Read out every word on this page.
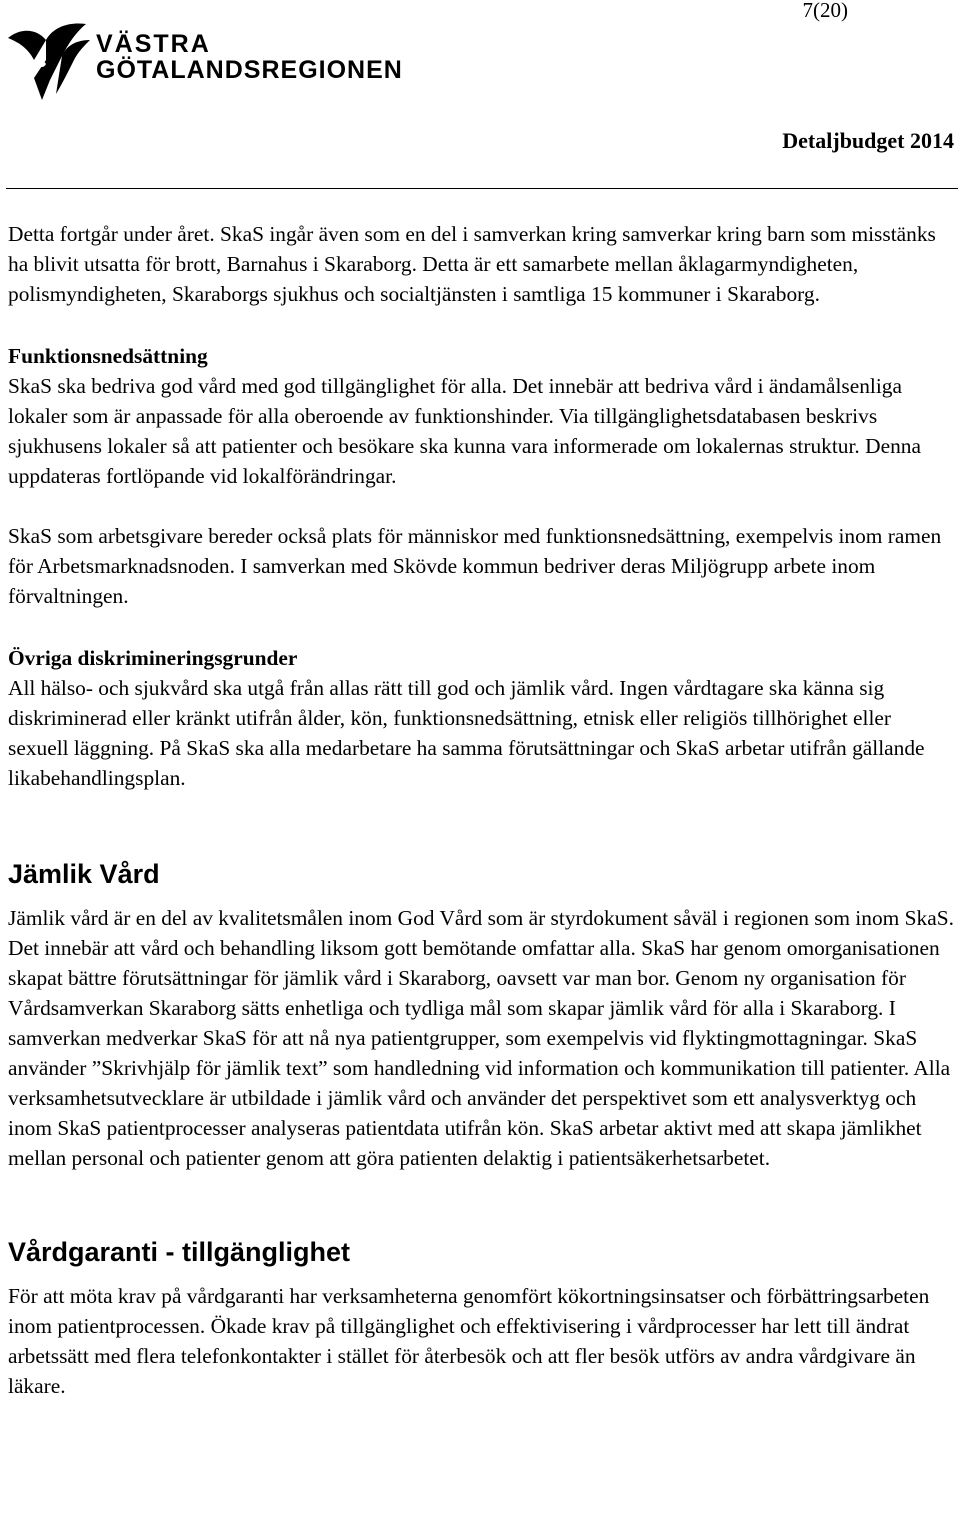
7(20)
VÄSTRA
GÖTALANDSREGIONEN
Detaljbudget 2014

Detta fortgår under året. SkaS ingår även som en del i samverkan kring samverkar kring barn som misstänks ha blivit utsatta för brott, Barnahus i Skaraborg. Detta är ett samarbete mellan åklagarmyndigheten, polismyndigheten, Skaraborgs sjukhus och socialtjänsten i samtliga 15 kommuner i Skaraborg.

Funktionsnedsättning

SkaS ska bedriva god vård med god tillgänglighet för alla. Det innebär att bedriva vård i ändamålsenliga lokaler som är anpassade för alla oberoende av funktionshinder. Via tillgänglighetsdatabasen beskrivs sjukhusens lokaler så att patienter och besökare ska kunna vara informerade om lokalernas struktur. Denna uppdateras fortlöpande vid lokalförändringar.

SkaS som arbetsgivare bereder också plats för människor med funktionsnedsättning, exempelvis inom ramen för Arbetsmarknadsnoden. I samverkan med Skövde kommun bedriver deras Miljögrupp arbete inom förvaltningen.

Övriga diskrimineringsgrunder

All hälso- och sjukvård ska utgå från allas rätt till god och jämlik vård. Ingen vårdtagare ska känna sig diskriminerad eller kränkt utifrån ålder, kön, funktionsnedsättning, etnisk eller religiös tillhörighet eller sexuell läggning. På SkaS ska alla medarbetare ha samma förutsättningar och SkaS arbetar utifrån gällande likabehandlingsplan.

Jämlik Vård

Jämlik vård är en del av kvalitetsmålen inom God Vård som är styrdokument såväl i regionen som inom SkaS. Det innebär att vård och behandling liksom gott bemötande omfattar alla. SkaS har genom omorganisationen skapat bättre förutsättningar för jämlik vård i Skaraborg, oavsett var man bor. Genom ny organisation för Vårdsamverkan Skaraborg sätts enhetliga och tydliga mål som skapar jämlik vård för alla i Skaraborg. I samverkan medverkar SkaS för att nå nya patientgrupper, som exempelvis vid flyktingmottagningar. SkaS använder ”Skrivhjälp för jämlik text” som handledning vid information och kommunikation till patienter. Alla verksamhetsutvecklare är utbildade i jämlik vård och använder det perspektivet som ett analysverktyg och inom SkaS patientprocesser analyseras patientdata utifrån kön. SkaS arbetar aktivt med att skapa jämlikhet mellan personal och patienter genom att göra patienten delaktig i patientsäkerhetsarbetet.

Vårdgaranti - tillgänglighet

För att möta krav på vårdgaranti har verksamheterna genomfört kökortningsinsatser och förbättringsarbeten inom patientprocessen. Ökade krav på tillgänglighet och effektivisering i vårdprocesser har lett till ändrat arbetssätt med flera telefonkontakter i stället för återbesök och att fler besök utförs av andra vårdgivare än läkare.
